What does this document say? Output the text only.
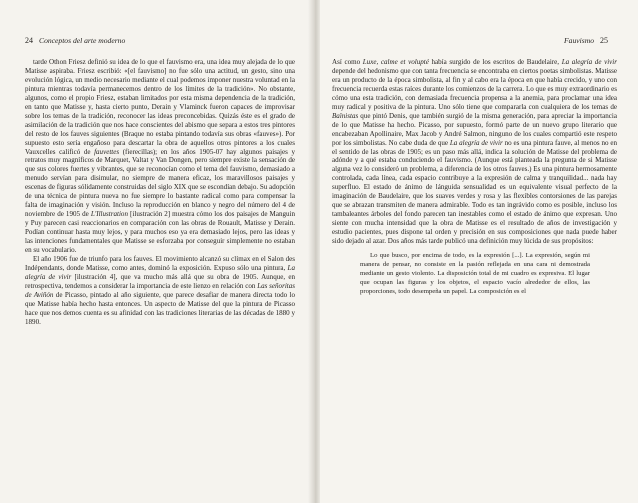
24 Conceptos del arte moderno

tarde Othon Friesz definió su idea de lo que el fauvismo era, una idea muy alejada de lo que Matisse aspiraba. Friesz escribió: «[el fauvismo] no fue sólo una actitud, un gesto, sino una evolución lógica, un medio necesario mediante el cual podemos imponer nuestra voluntad en la pintura mientras todavía permanecemos dentro de los límites de la tradición». No obstante, algunos, como el propio Friesz, estaban limitados por esta misma dependencia de la tradición, en tanto que Matisse y, hasta cierto punto, Derain y Vlaminck fueron capaces de improvisar sobre los temas de la tradición, reconocer las ideas preconcebidas. Quizás éste es el grado de asimilación de la tradición que nos hace conscientes del abismo que separa a estos tres pintores del resto de los fauves siguientes (Braque no estaba pintando todavía sus obras «fauves»). Por supuesto esto sería engañoso para descartar la obra de aquellos otros pintores a los cuales Vauxcelles calificó de fauvettes (fierecillas); en los años 1905-07 hay algunos paisajes y retratos muy magníficos de Marquet, Valtat y Van Dongen, pero siempre existe la sensación de que sus colores fuertes y vibrantes, que se reconocían como el tema del fauvismo, demasiado a menudo servían para disimular, no siempre de manera eficaz, los maravillosos paisajes y escenas de figuras sólidamente construidas del siglo XIX que se escondían debajo. Su adopción de una técnica de pintura nueva no fue siempre lo bastante radical como para compensar la falta de imaginación y visión. Incluso la reproducción en blanco y negro del número del 4 de noviembre de 1905 de L'Illustration [ilustración 2] muestra cómo los dos paisajes de Manguin y Puy parecen casi reaccionarios en comparación con las obras de Rouault, Matisse y Derain. Podían continuar hasta muy lejos, y para muchos eso ya era demasiado lejos, pero las ideas y las intenciones fundamentales que Matisse se esforzaba por conseguir simplemente no estaban en su vocabulario.

El año 1906 fue de triunfo para los fauves. El movimiento alcanzó su clímax en el Salon des Indépendants, donde Matisse, como antes, dominó la exposición. Expuso sólo una pintura, La alegría de vivir [ilustración 4], que va mucho más allá que su obra de 1905. Aunque, en retrospectiva, tendemos a considerar la importancia de este lienzo en relación con Las señoritas de Aviñón de Picasso, pintado al año siguiente, que parece desafiar de manera directa todo lo que Matisse había hecho hasta entonces. Un aspecto de Matisse del que la pintura de Picasso hace que nos demos cuenta es su afinidad con las tradiciones literarias de las décadas de 1880 y 1890.

Fauvismo 25

Así como Luxe, calme et volupté había surgido de los escritos de Baudelaire, La alegría de vivir depende del hedonismo que con tanta frecuencia se encontraba en ciertos poetas simbolistas. Matisse era un producto de la época simbolista, al fin y al cabo era la época en que había crecido, y uno con frecuencia recuerda estas raíces durante los comienzos de la carrera. Lo que es muy extraordinario es cómo una esta tradición, con demasiada frecuencia propensa a la anemia, para proclamar una idea muy radical y positiva de la pintura. Uno sólo tiene que compararla con cualquiera de los temas de Baïnistas que pintó Denis, que también surgió de la misma generación, para apreciar la importancia de lo que Matisse ha hecho. Picasso, por supuesto, formó parte de un nuevo grupo literario que encabezaban Apollinaire, Max Jacob y André Salmon, ninguno de los cuales compartió este respeto por los simbolistas. No cabe duda de que La alegría de vivir no es una pintura fauve, al menos no en el sentido de las obras de 1905; es un paso más allá, indica la solución de Matisse del problema de adónde y a qué estaba conduciendo el fauvismo. (Aunque está planteada la pregunta de si Matisse alguna vez lo consideró un problema, a diferencia de los otros fauves.) Es una pintura hermosamente controlada, cada línea, cada espacio contribuye a la expresión de calma y tranquilidad... nada hay superfluo. El estado de ánimo de lánguida sensualidad es un equivalente visual perfecto de la imaginación de Baudelaire, que los suaves verdes y rosa y las flexibles contorsiones de las parejas que se abrazan transmiten de manera admirable. Todo es tan ingrávido como es posible, incluso los tambaleantes árboles del fondo parecen tan inestables como el estado de ánimo que expresan. Uno siente con mucha intensidad que la obra de Matisse es el resultado de años de investigación y estudio pacientes, pues dispone tal orden y precisión en sus composiciones que nada puede haber sido dejado al azar. Dos años más tarde publicó una definición muy lúcida de sus propósitos:

Lo que busco, por encima de todo, es la expresión [...]. La expresión, según mi manera de pensar, no consiste en la pasión reflejada en una cara ni demostrada mediante un gesto violento. La disposición total de mi cuadro es expresiva. El lugar que ocupan las figuras y los objetos, el espacio vacío alrededor de ellos, las proporciones, todo desempeña un papel. La composición es el
